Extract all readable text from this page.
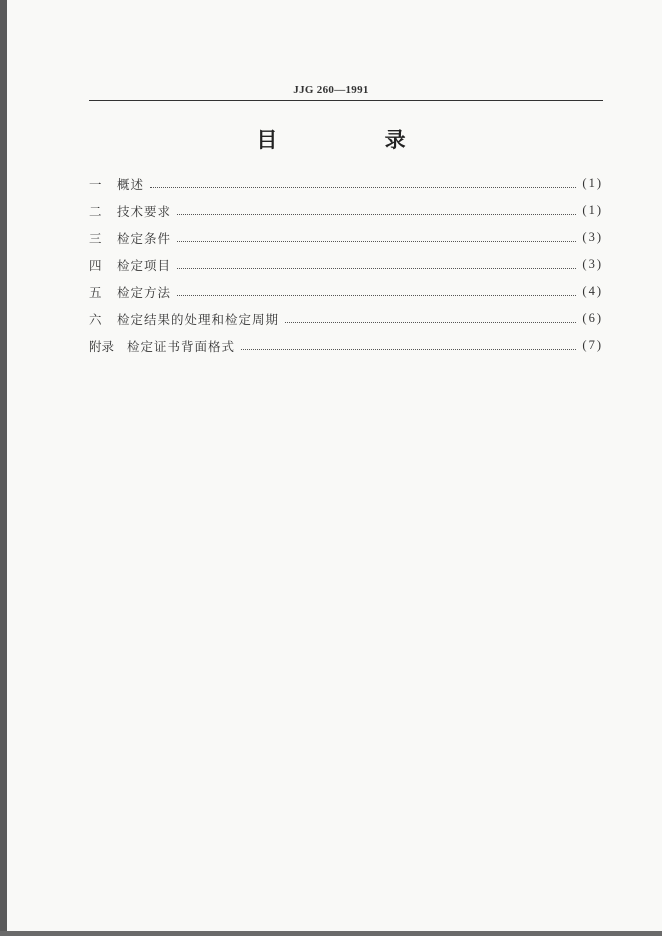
JJG 260—1991
目 录
一	概述	(1)
二	技术要求	(1)
三	检定条件	(3)
四	检定项目	(3)
五	检定方法	(4)
六	检定结果的处理和检定周期	(6)
附录	检定证书背面格式	(7)
